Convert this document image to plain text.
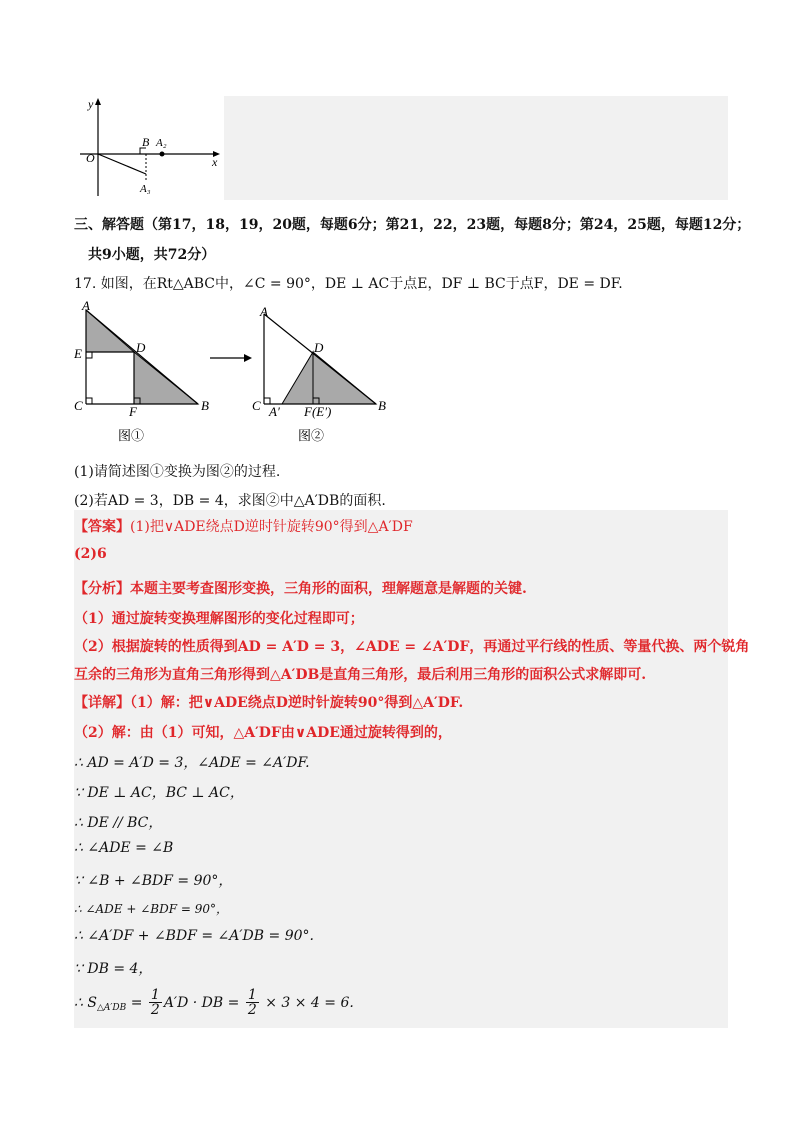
y
x
O
B A₂
A₃
三、解答题（第17，18，19，20题，每题6分；第21，22，23题，每题8分；第24，25题，每题12分；
共9小题，共72分）
17. 如图，在Rt△ABC中，∠C = 90°，DE ⊥ AC于点E，DF ⊥ BC于点F，DE = DF.
A
E	D
C	F	B
图①
A
D
C A′ F(E′)	B
图②
(1)请简述图①变换为图②的过程.
(2)若AD = 3，DB = 4，求图②中△A′DB的面积.
【答案】(1)把∨ADE绕点D逆时针旋转90°得到△A′DF
(2)6
【分析】本题主要考查图形变换，三角形的面积，理解题意是解题的关键.
（1）通过旋转变换理解图形的变化过程即可；
（2）根据旋转的性质得到AD = A′D = 3，∠ADE = ∠A′DF，再通过平行线的性质、等量代换、两个锐角
互余的三角形为直角三角形得到△A′DB是直角三角形，最后利用三角形的面积公式求解即可.
【详解】（1）解：把∨ADE绕点D逆时针旋转90°得到△A′DF.
（2）解：由（1）可知，△A′DF由∨ADE通过旋转得到的，
∴ AD = A′D = 3，∠ADE = ∠A′DF.
∵ DE ⊥ AC，BC ⊥ AC，
∴ DE // BC，
∴ ∠ADE = ∠B
∵ ∠B + ∠BDF = 90°，
∴ ∠ADE + ∠BDF = 90°，
∴ ∠A′DF + ∠BDF = ∠A′DB = 90°.
∵ DB = 4，
∴ S △A′DB = $\frac{1}{2} A'D$ · DB = $\frac{1}{2} \times 3 \times 4 = 6$.
